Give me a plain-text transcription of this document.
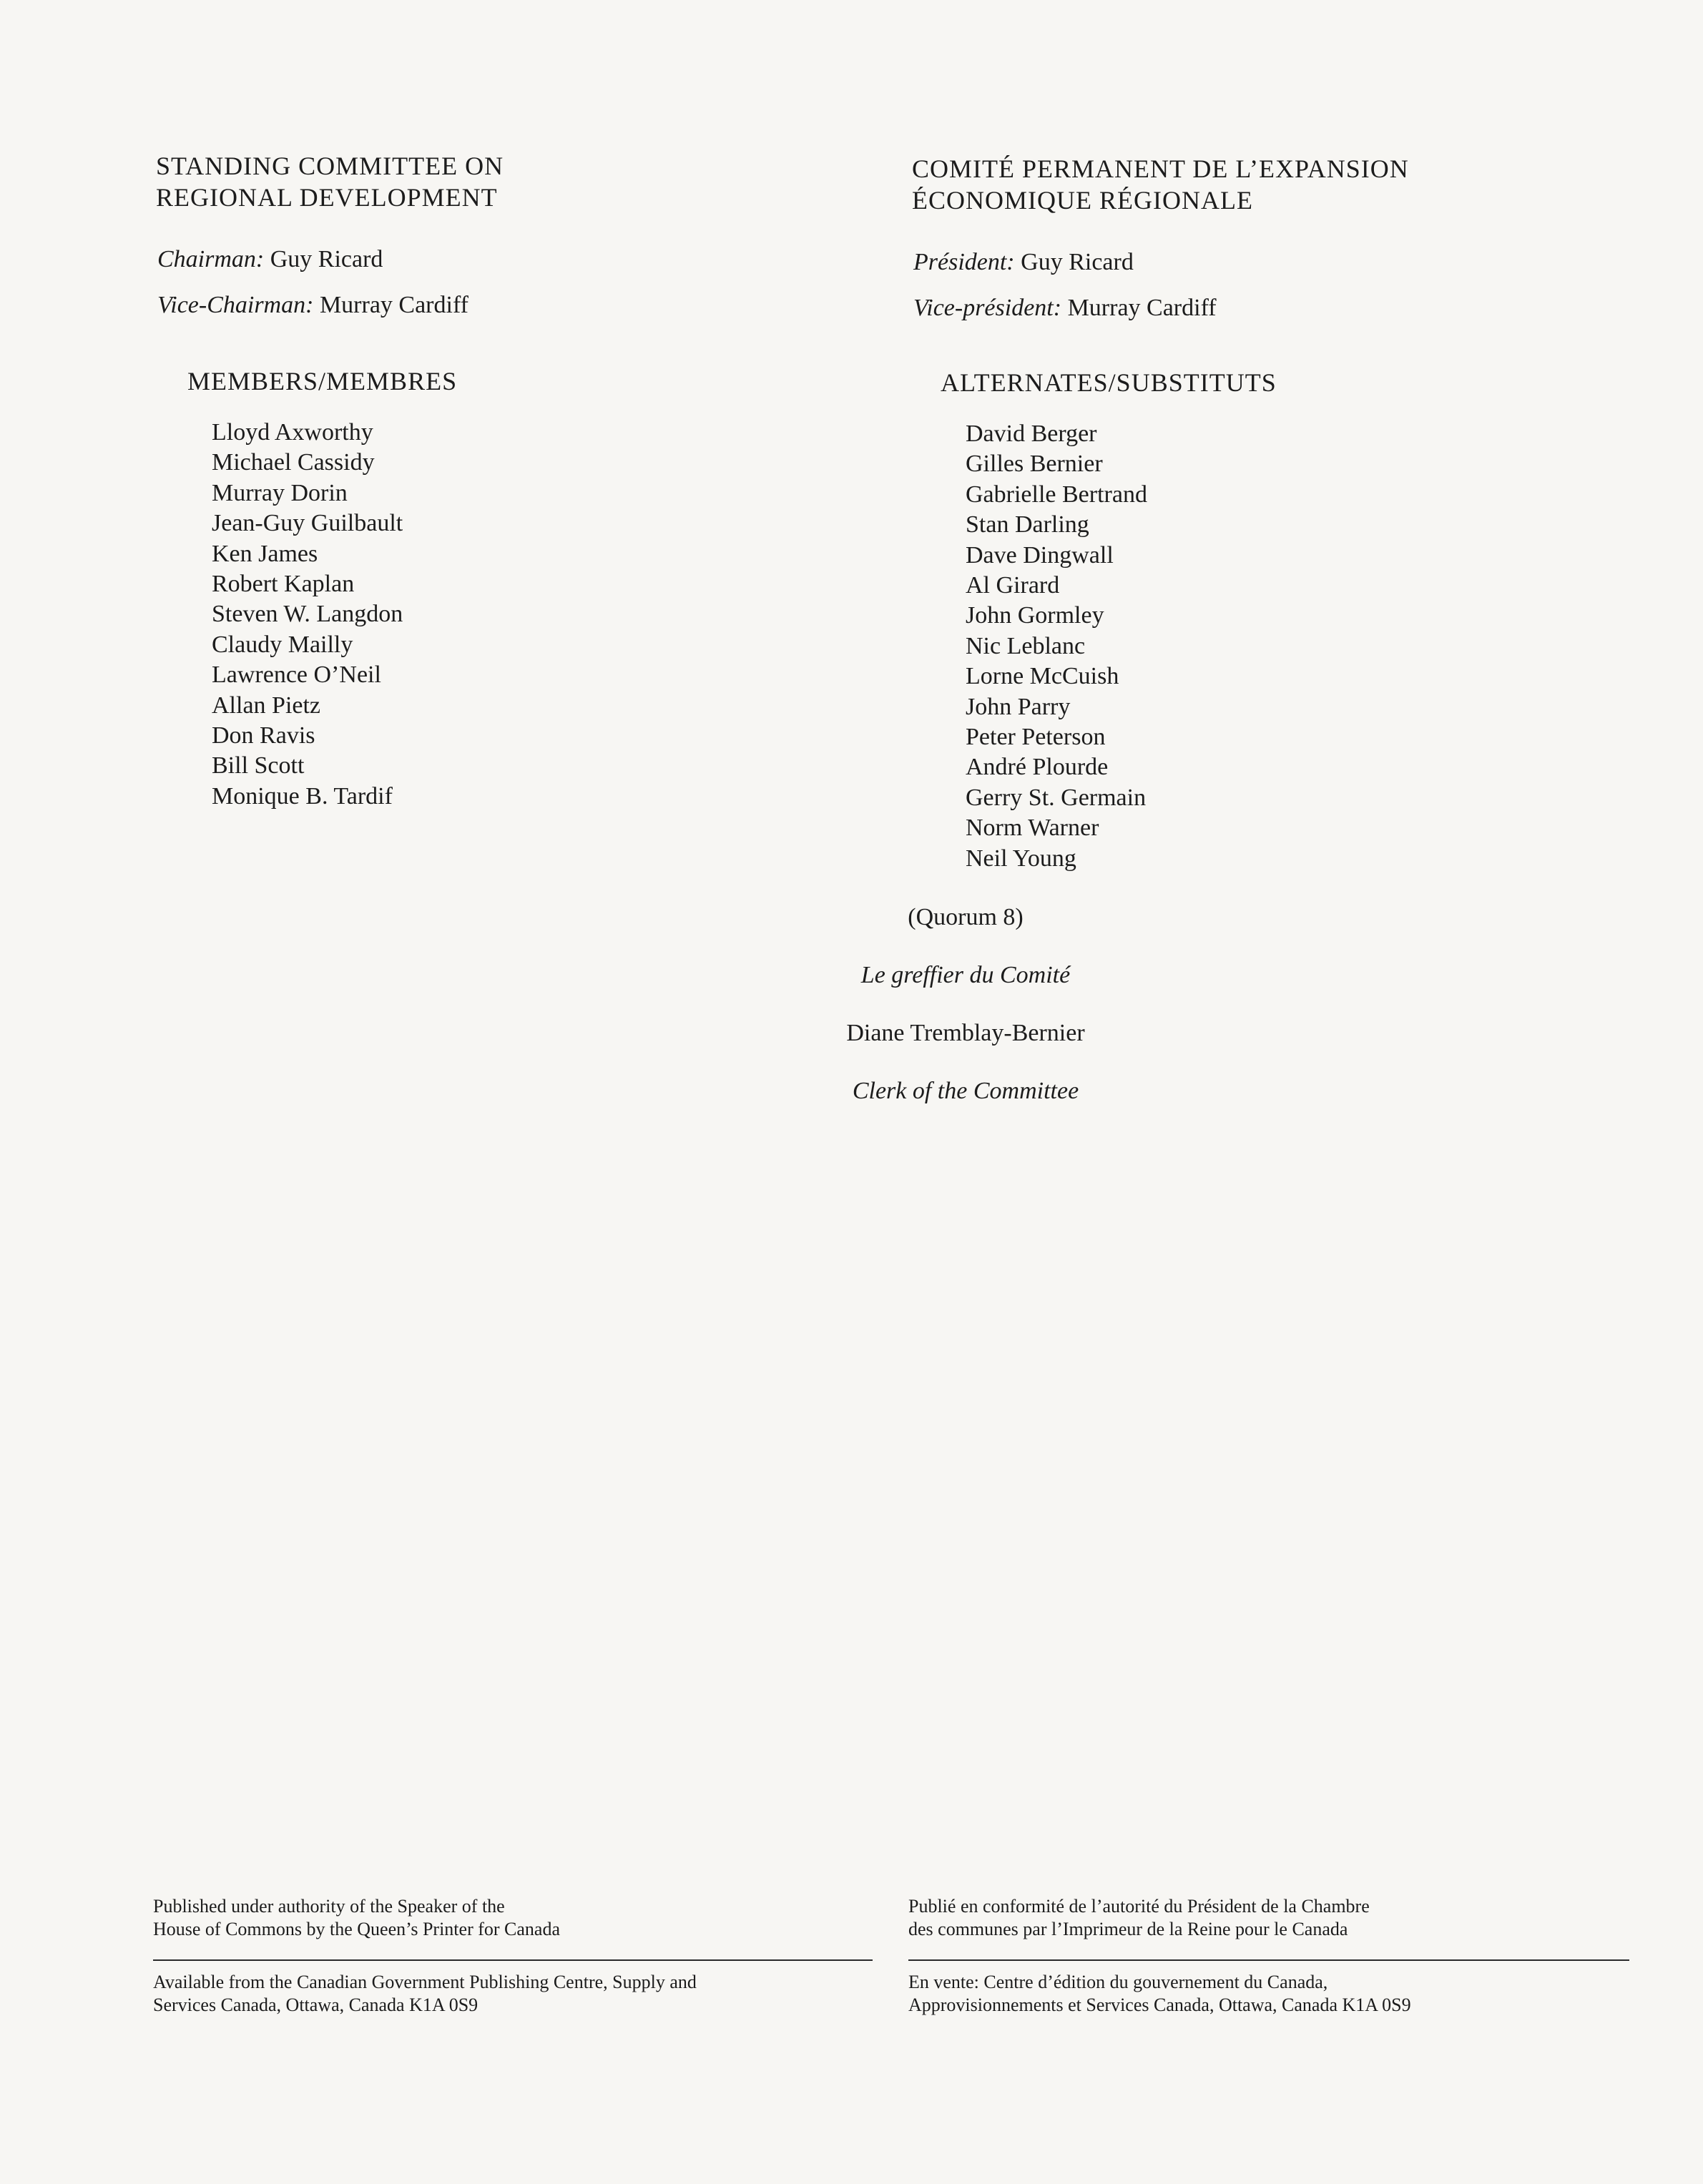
STANDING COMMITTEE ON
REGIONAL DEVELOPMENT
Chairman: Guy Ricard
Vice-Chairman: Murray Cardiff
COMITÉ PERMANENT DE L’EXPANSION
ÉCONOMIQUE RÉGIONALE
Président: Guy Ricard
Vice-président: Murray Cardiff
MEMBERS/MEMBRES
Lloyd Axworthy
Michael Cassidy
Murray Dorin
Jean-Guy Guilbault
Ken James
Robert Kaplan
Steven W. Langdon
Claudy Mailly
Lawrence O’Neil
Allan Pietz
Don Ravis
Bill Scott
Monique B. Tardif
ALTERNATES/SUBSTITUTS
David Berger
Gilles Bernier
Gabrielle Bertrand
Stan Darling
Dave Dingwall
Al Girard
John Gormley
Nic Leblanc
Lorne McCuish
John Parry
Peter Peterson
André Plourde
Gerry St. Germain
Norm Warner
Neil Young
(Quorum 8)
Le greffier du Comité
Diane Tremblay-Bernier
Clerk of the Committee
Published under authority of the Speaker of the
House of Commons by the Queen’s Printer for Canada
Publié en conformité de l’autorité du Président de la Chambre
des communes par l’Imprimeur de la Reine pour le Canada
Available from the Canadian Government Publishing Centre, Supply and
Services Canada, Ottawa, Canada K1A 0S9
En vente: Centre d’édition du gouvernement du Canada,
Approvisionnements et Services Canada, Ottawa, Canada K1A 0S9
